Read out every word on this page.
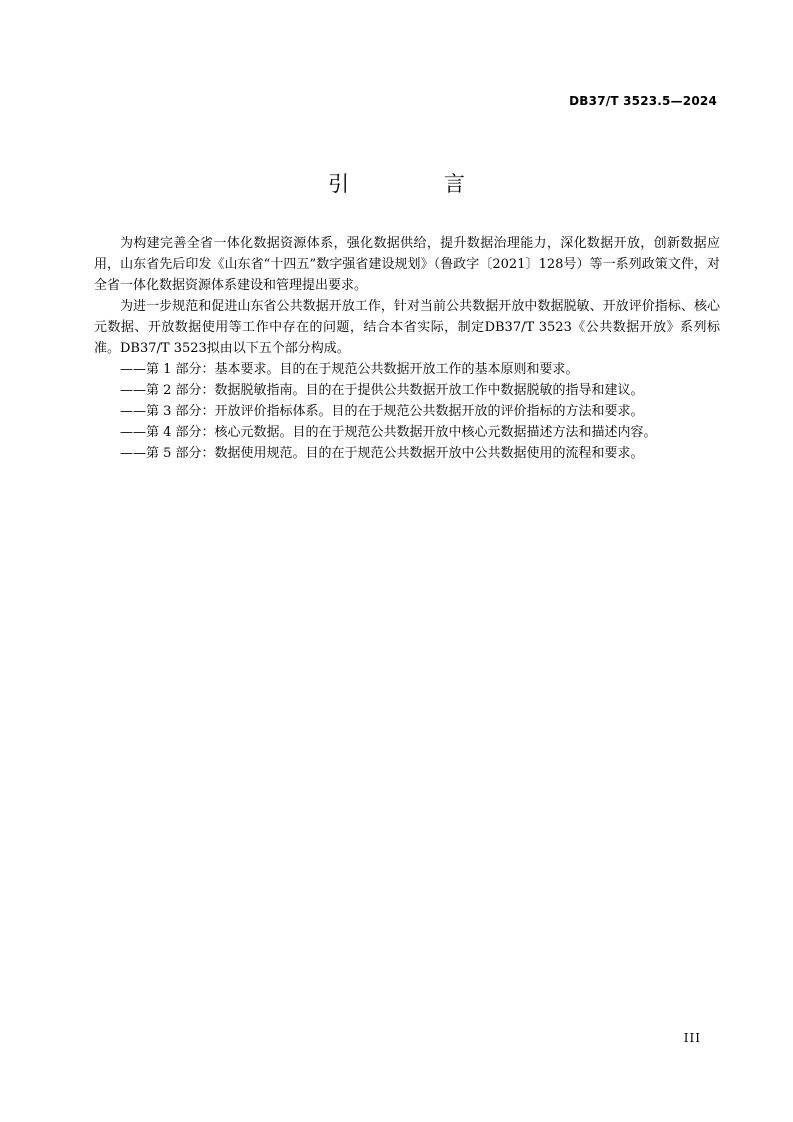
DB37/T 3523.5—2024
引 言

为构建完善全省一体化数据资源体系，强化数据供给，提升数据治理能力，深化数据开放，创新数据应用，山东省先后印发《山东省“十四五”数字强省建设规划》（鲁政字〔2021〕128号）等一系列政策文件，对全省一体化数据资源体系建设和管理提出要求。

为进一步规范和促进山东省公共数据开放工作，针对当前公共数据开放中数据脱敏、开放评价指标、核心元数据、开放数据使用等工作中存在的问题，结合本省实际，制定DB37/T 3523《公共数据开放》系列标准。DB37/T 3523拟由以下五个部分构成。

——第 1 部分：基本要求。目的在于规范公共数据开放工作的基本原则和要求。

——第 2 部分：数据脱敏指南。目的在于提供公共数据开放工作中数据脱敏的指导和建议。

——第 3 部分：开放评价指标体系。目的在于规范公共数据开放的评价指标的方法和要求。

——第 4 部分：核心元数据。目的在于规范公共数据开放中核心元数据描述方法和描述内容。

——第 5 部分：数据使用规范。目的在于规范公共数据开放中公共数据使用的流程和要求。

III
